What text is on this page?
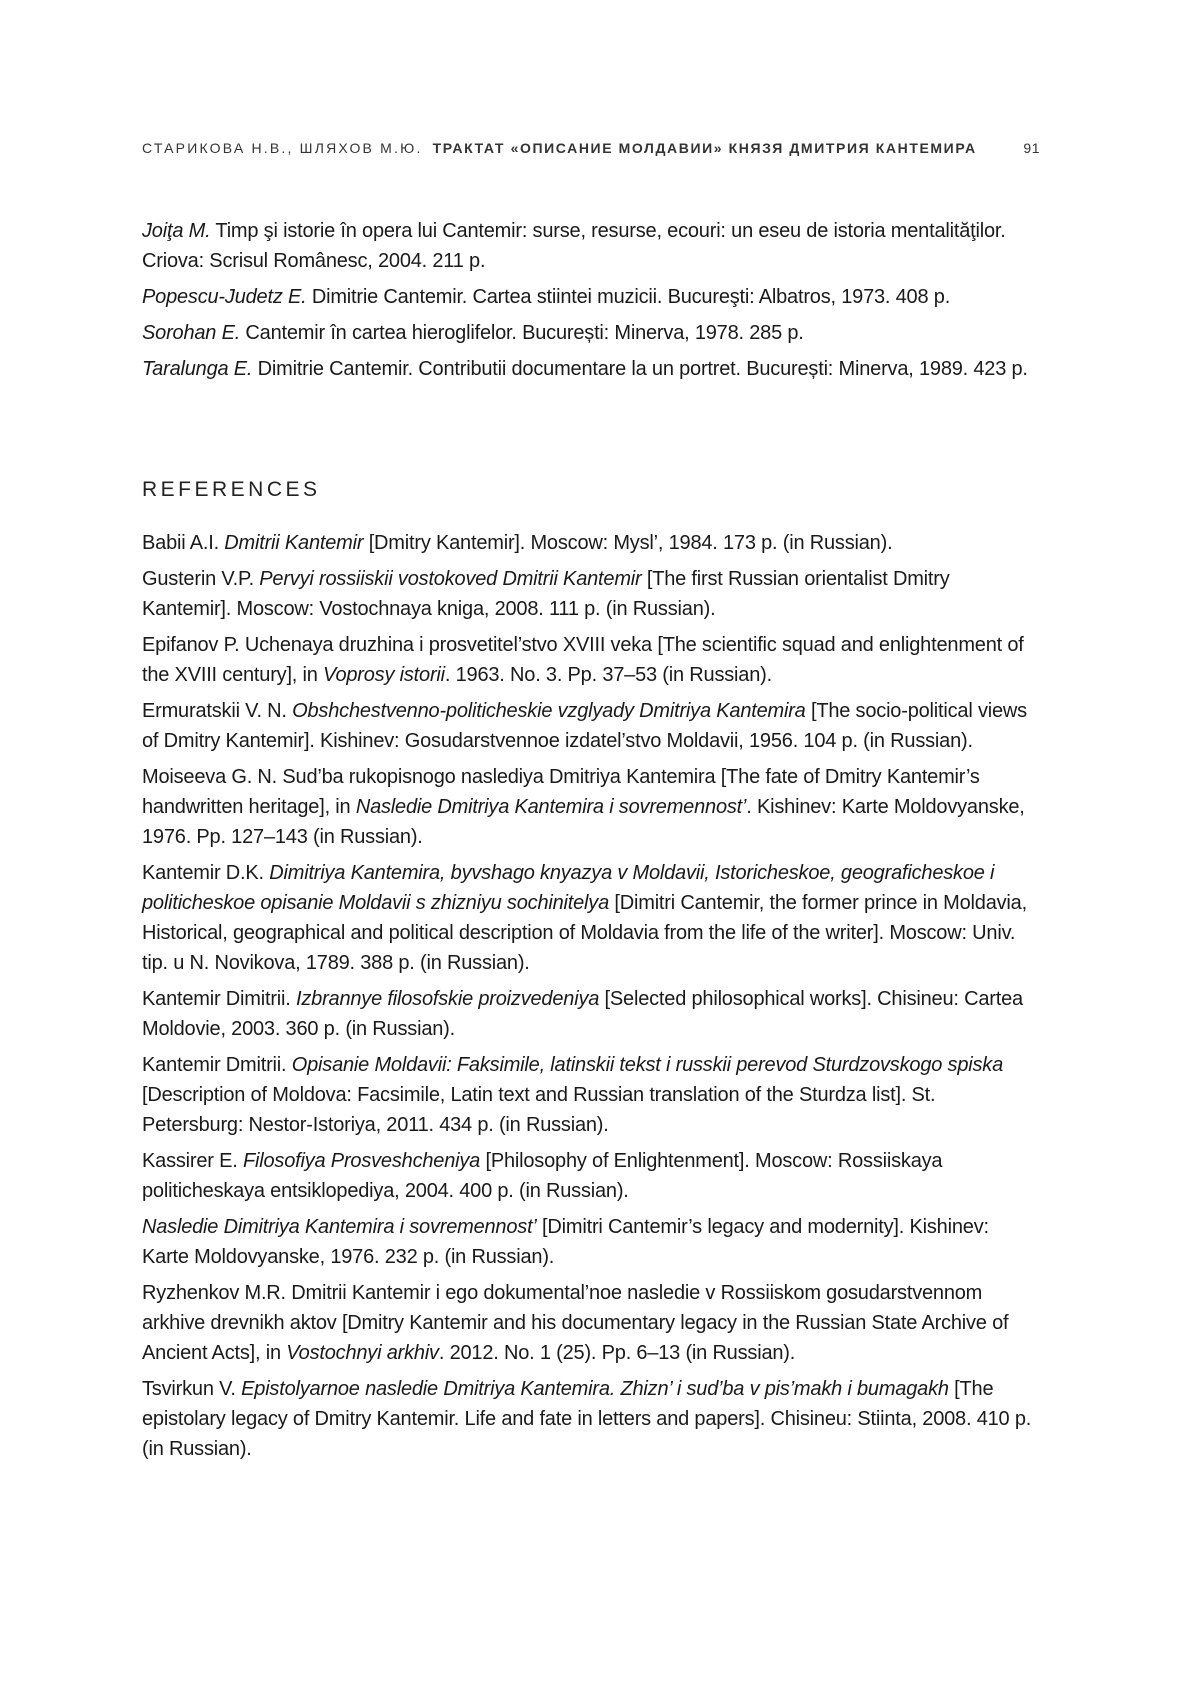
СТАРИКОВА Н.В., ШЛЯХОВ М.Ю. ТРАКТАТ «ОПИСАНИЕ МОЛДАВИИ» КНЯЗЯ ДМИТРИЯ КАНТЕМИРА	91

Joiţa M. Timp şi istorie în opera lui Cantemir: surse, resurse, ecouri: un eseu de istoria mentalităţilor. Criova: Scrisul Românesc, 2004. 211 p.

Popescu-Judetz E. Dimitrie Cantemir. Cartea stiintei muzicii. Bucureşti: Albatros, 1973. 408 p.

Sorohan E. Cantemir în cartea hieroglifelor. București: Minerva, 1978. 285 p.

Taralunga E. Dimitrie Cantemir. Contributii documentare la un portret. București: Minerva, 1989. 423 p.

REFERENCES

Babii A.I. Dmitrii Kantemir [Dmitry Kantemir]. Moscow: Mysl’, 1984. 173 p. (in Russian).

Gusterin V.P. Pervyi rossiiskii vostokoved Dmitrii Kantemir [The first Russian orientalist Dmitry Kantemir]. Moscow: Vostochnaya kniga, 2008. 111 p. (in Russian).

Epifanov P. Uchenaya druzhina i prosvetitel’stvo XVIII veka [The scientific squad and enlightenment of the XVIII century], in Voprosy istorii. 1963. No. 3. Pp. 37–53 (in Russian).

Ermuratskii V. N. Obshchestvenno-politicheskie vzglyady Dmitriya Kantemira [The socio-political views of Dmitry Kantemir]. Kishinev: Gosudarstvennoe izdatel’stvo Moldavii, 1956. 104 p. (in Russian).

Moiseeva G. N. Sud’ba rukopisnogo naslediya Dmitriya Kantemira [The fate of Dmitry Kantemir’s handwritten heritage], in Nasledie Dmitriya Kantemira i sovremennost’. Kishinev: Karte Moldovyanske, 1976. Pp. 127–143 (in Russian).

Kantemir D.K. Dimitriya Kantemira, byvshago knyazya v Moldavii, Istoricheskoe, geograficheskoe i politicheskoe opisanie Moldavii s zhizniyu sochinitelya [Dimitri Cantemir, the former prince in Moldavia, Historical, geographical and political description of Moldavia from the life of the writer]. Moscow: Univ. tip. u N. Novikova, 1789. 388 p. (in Russian).

Kantemir Dimitrii. Izbrannye filosofskie proizvedeniya [Selected philosophical works]. Chisineu: Cartea Moldovie, 2003. 360 p. (in Russian).

Kantemir Dmitrii. Opisanie Moldavii: Faksimile, latinskii tekst i russkii perevod Sturdzovskogo spiska [Description of Moldova: Facsimile, Latin text and Russian translation of the Sturdza list]. St. Petersburg: Nestor-Istoriya, 2011. 434 p. (in Russian).

Kassirer E. Filosofiya Prosveshcheniya [Philosophy of Enlightenment]. Moscow: Rossiiskaya politicheskaya entsiklopediya, 2004. 400 p. (in Russian).

Nasledie Dimitriya Kantemira i sovremennost’ [Dimitri Cantemir’s legacy and modernity]. Kishinev: Karte Moldovyanske, 1976. 232 p. (in Russian).

Ryzhenkov M.R. Dmitrii Kantemir i ego dokumental’noe nasledie v Rossiiskom gosudarstvennom arkhive drevnikh aktov [Dmitry Kantemir and his documentary legacy in the Russian State Archive of Ancient Acts], in Vostochnyi arkhiv. 2012. No. 1 (25). Pp. 6–13 (in Russian).

Tsvirkun V. Epistolyarnoe nasledie Dmitriya Kantemira. Zhizn’ i sud’ba v pis’makh i bumagakh [The epistolary legacy of Dmitry Kantemir. Life and fate in letters and papers]. Chisineu: Stiinta, 2008. 410 p. (in Russian).
